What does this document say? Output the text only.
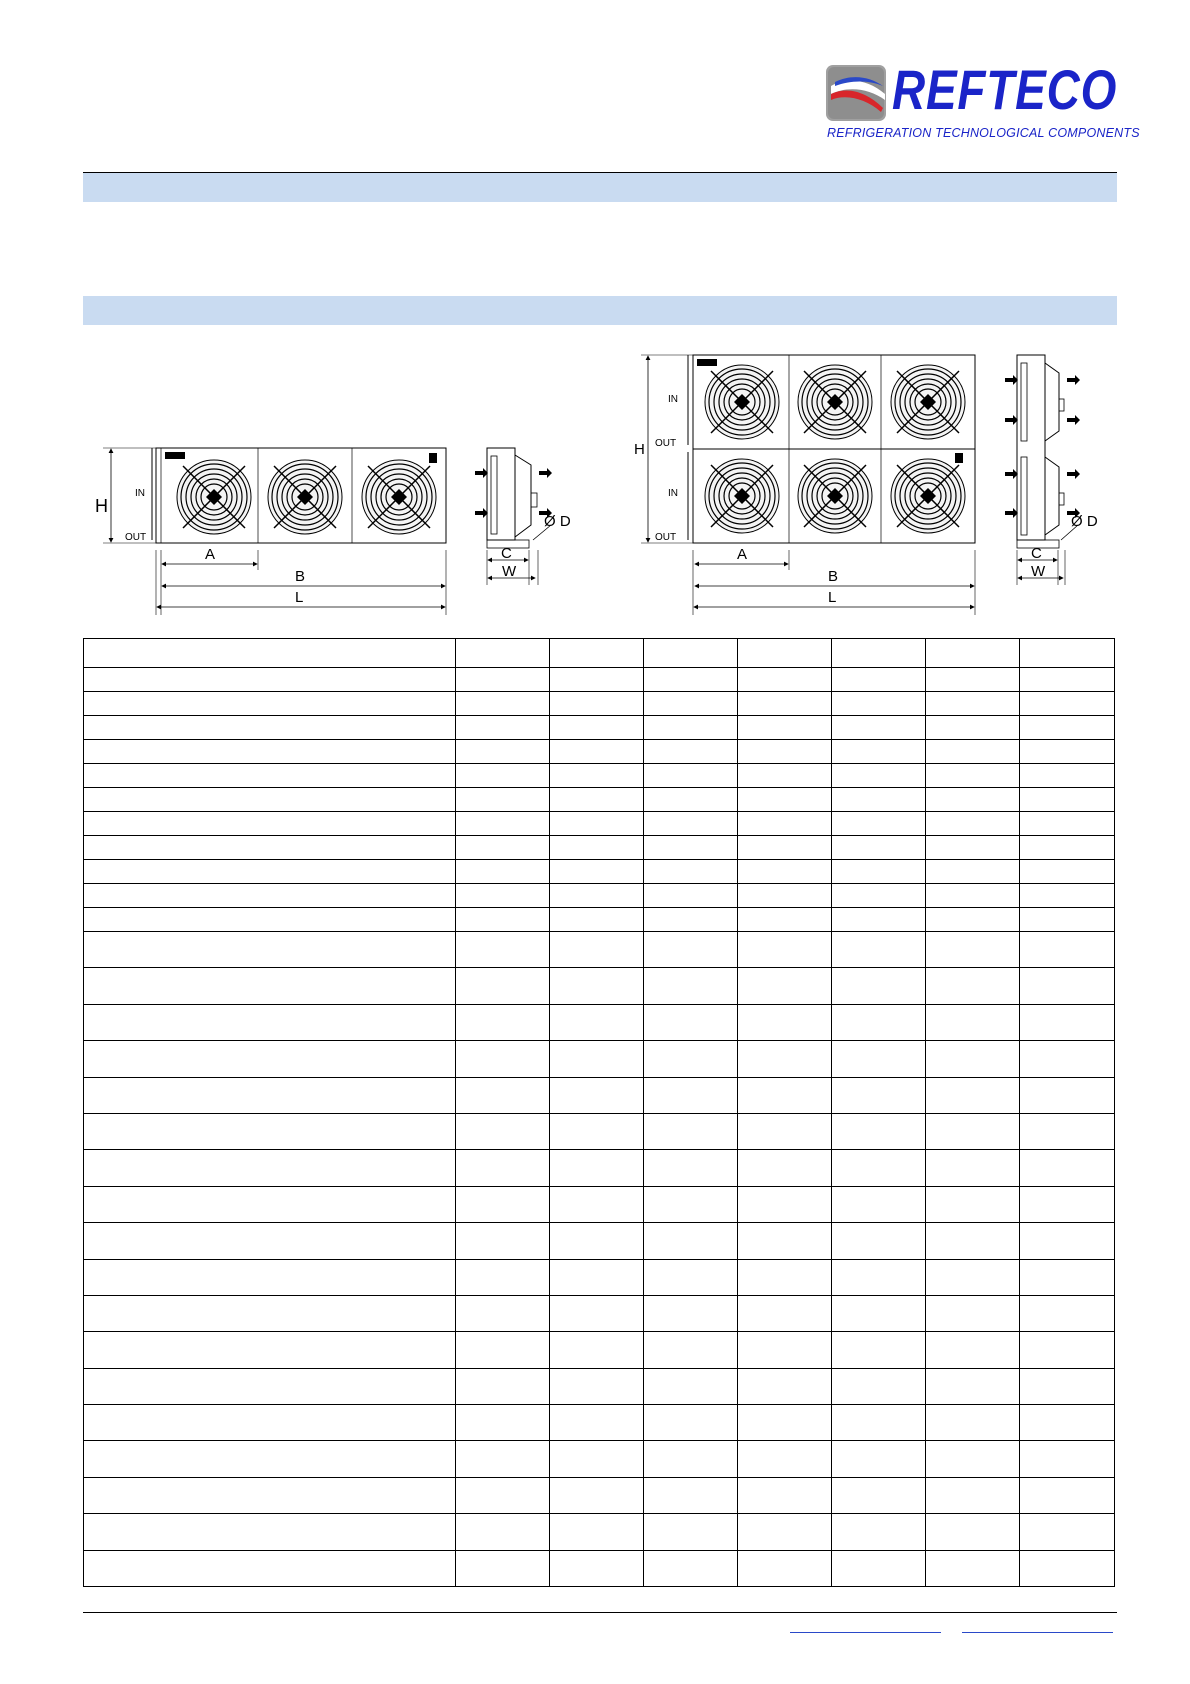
REFTECO
REFRIGERATION TECHNOLOGICAL COMPONENTS
H
IN
OUT
A
B
L
C
W
Ø D
H
IN
OUT
IN
OUT
A
B
L
C
W
Ø D
